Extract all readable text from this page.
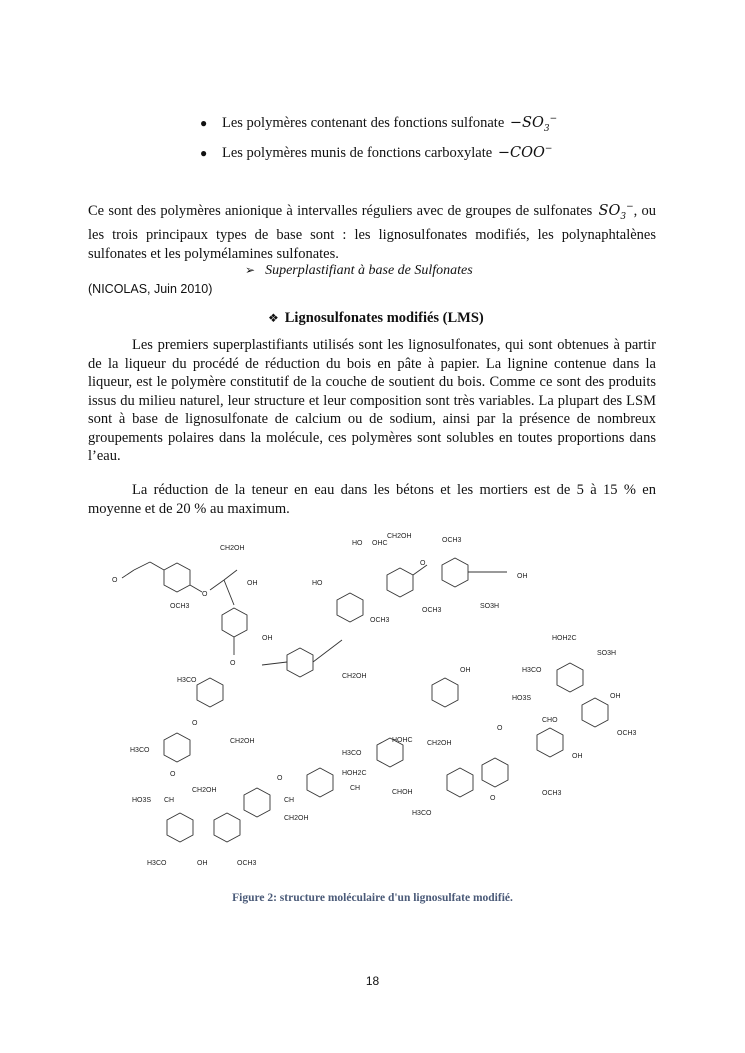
●	Les polymères contenant des fonctions sulfonate $-SO_3^-$
●	Les polymères munis de fonctions carboxylate −COO−
Ce sont des polymères anionique à intervalles réguliers avec de groupes de sulfonates $SO_3^-$, ou les trois principaux types de base sont : les lignosulfonates modifiés, les polynaphtalènes sulfonates et les polymélamines sulfonates.
➢ Superplastifiant à base de Sulfonates
(NICOLAS, Juin 2010)
❖ Lignosulfonates modifiés (LMS)
Les premiers superplastifiants utilisés sont les lignosulfonates, qui sont obtenues à partir de la liqueur du procédé de réduction du bois en pâte à papier. La lignine contenue dans la liqueur, est le polymère constitutif de la couche de soutient du bois. Comme ce sont des produits issus du milieu naturel, leur structure et leur composition sont très variables. La plupart des LSM sont à base de lignosulfonate de calcium ou de sodium, ainsi par la présence de nombreux groupements polaires dans la molécule, ces polymères sont solubles en toutes proportions dans l’eau.
La réduction de la teneur en eau dans les bétons et les mortiers est de 5 à 15 % en moyenne et de 20 % au maximum.
O
OCH3
O
CH2OH
OH
O
OH
CH2OH
OCH3
HO
HO OHC
CH2OH
OCH3
O
OCH3
SO3H
OH
HOH2C
H3CO
SO3H
HO3S
CHO
OH
OCH3
OH
OCH3
OH
HOHC CH2OH
H3CO
HOH2C
CH
CHOH
H3CO
O
O
H3CO
O
CH2OH
H3CO
O
HO3S CH
CH2OH
H3CO	OH	OCH3
O
CH
CH2OH
Figure 2: structure moléculaire d'un lignosulfate modifié.
18
